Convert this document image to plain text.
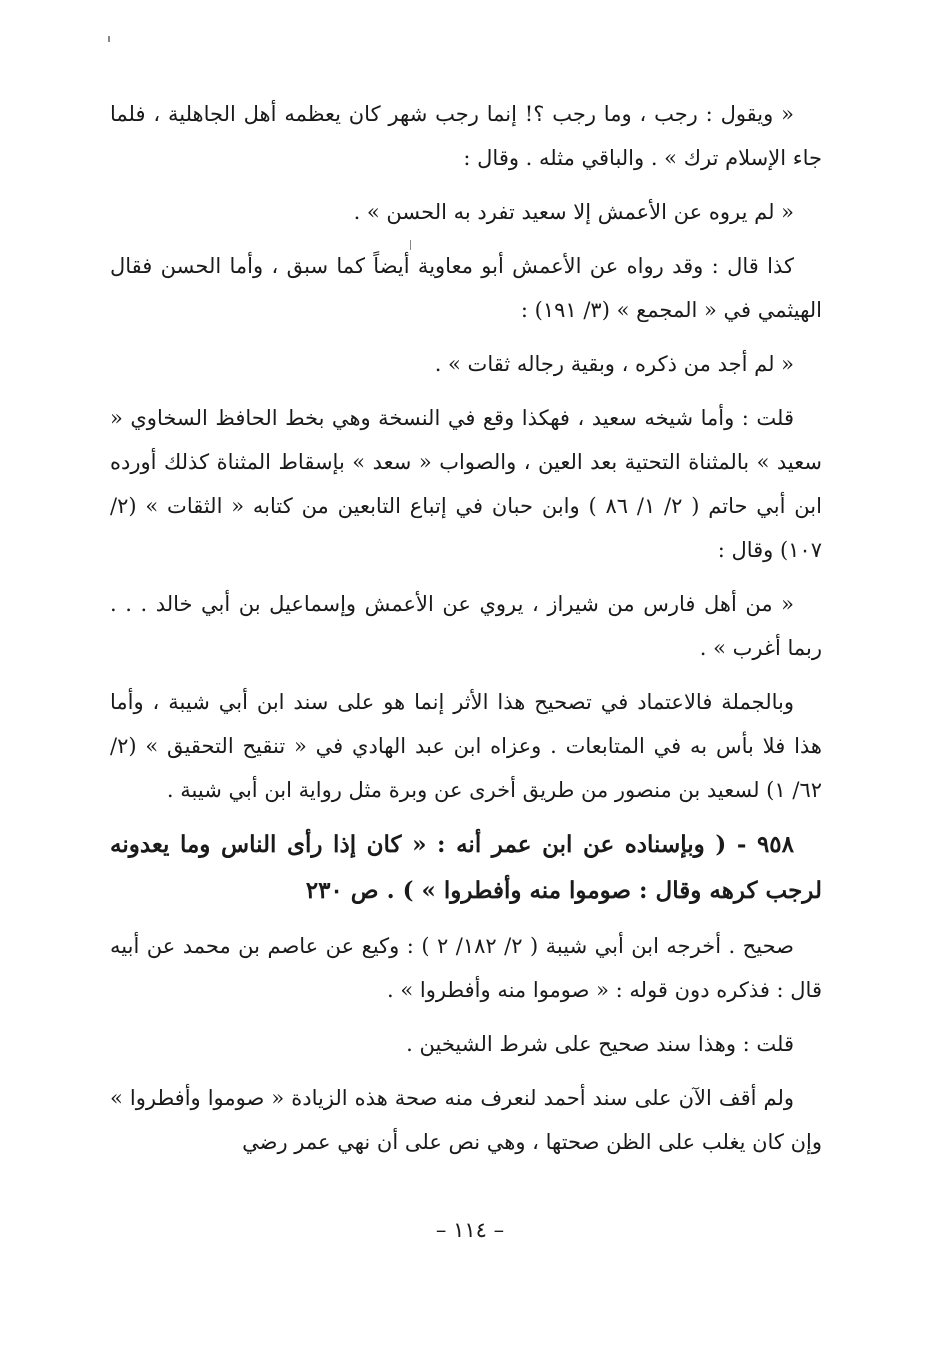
« ويقول : رجب ، وما رجب ؟! إنما رجب شهر كان يعظمه أهل الجاهلية ، فلما جاء الإسلام ترك » . والباقي مثله . وقال :

« لم يروه عن الأعمش إلا سعيد تفرد به الحسن » .

كذا قال : وقد رواه عن الأعمش أبو معاوية أيضاً كما سبق ، وأما الحسن فقال الهيثمي في « المجمع » (٣/ ١٩١) :

« لم أجد من ذكره ، وبقية رجاله ثقات » .

قلت : وأما شيخه سعيد ، فهكذا وقع في النسخة وهي بخط الحافظ السخاوي « سعيد » بالمثناة التحتية بعد العين ، والصواب « سعد » بإسقاط المثناة كذلك أورده ابن أبي حاتم ( ٢/ ١/ ٨٦ ) وابن حبان في إتباع التابعين من كتابه « الثقات » (٢/ ١٠٧) وقال :

« من أهل فارس من شيراز ، يروي عن الأعمش وإسماعيل بن أبي خالد . . . ربما أغرب » .

وبالجملة فالاعتماد في تصحيح هذا الأثر إنما هو على سند ابن أبي شيبة ، وأما هذا فلا بأس به في المتابعات . وعزاه ابن عبد الهادي في « تنقيح التحقيق » (٢/ ٦٢/ ١) لسعيد بن منصور من طريق أخرى عن وبرة مثل رواية ابن أبي شيبة .

٩٥٨ - ( وبإسناده عن ابن عمر أنه : « كان إذا رأى الناس وما يعدونه لرجب كرهه وقال : صوموا منه وأفطروا » ) . ص ٢٣٠

صحيح . أخرجه ابن أبي شيبة ( ٢/ ١٨٢/ ٢ ) : وكيع عن عاصم بن محمد عن أبيه قال : فذكره دون قوله : « صوموا منه وأفطروا » .

قلت : وهذا سند صحيح على شرط الشيخين .

ولم أقف الآن على سند أحمد لنعرف منه صحة هذه الزيادة « صوموا وأفطروا » وإن كان يغلب على الظن صحتها ، وهي نص على أن نهي عمر رضي

– ١١٤ –
